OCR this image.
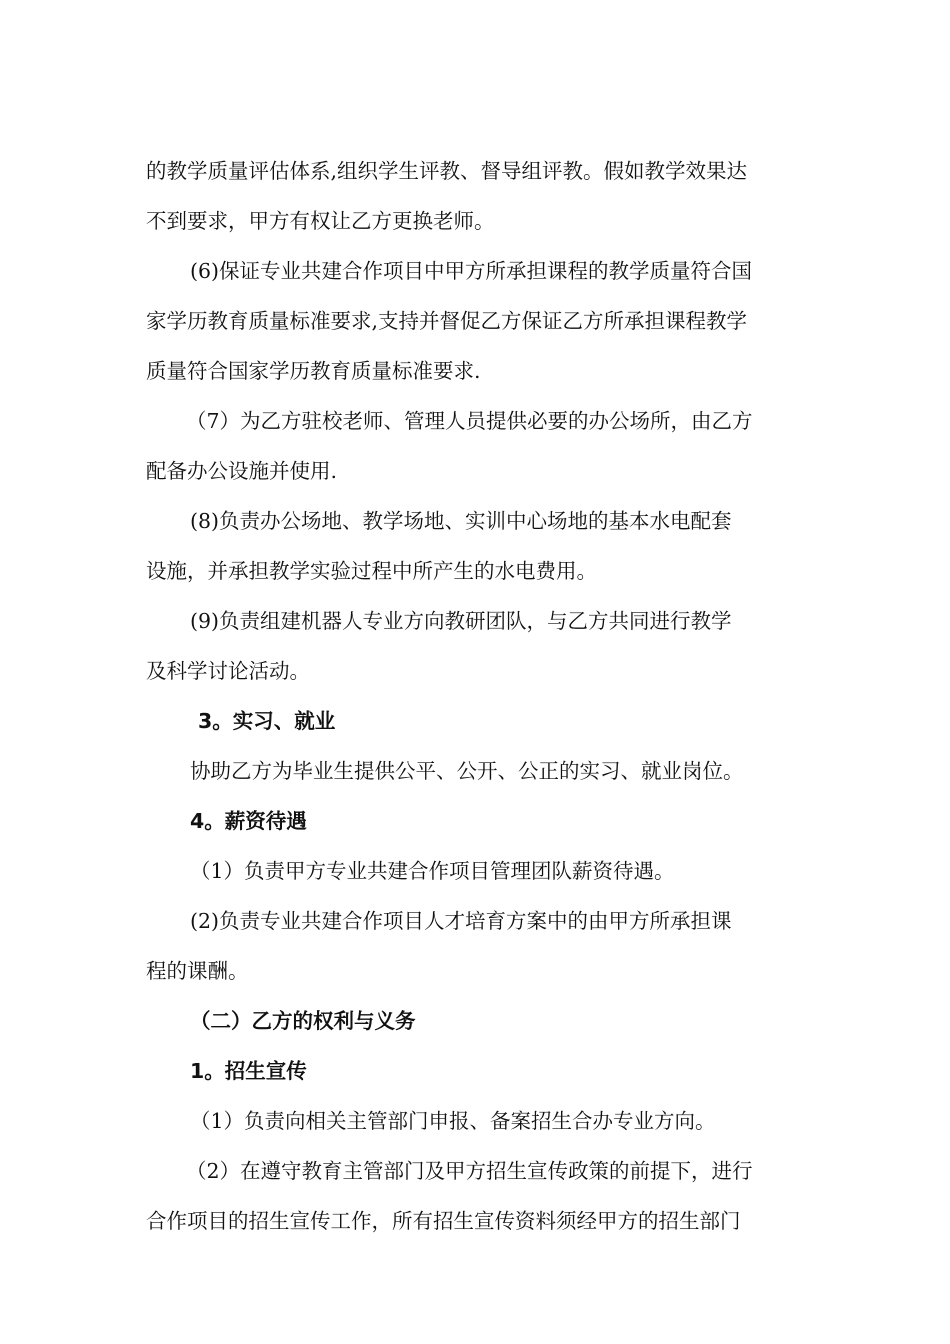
的教学质量评估体系,组织学生评教、督导组评教。假如教学效果达

不到要求，甲方有权让乙方更换老师。

(6)保证专业共建合作项目中甲方所承担课程的教学质量符合国

家学历教育质量标准要求,支持并督促乙方保证乙方所承担课程教学

质量符合国家学历教育质量标准要求.

（7）为乙方驻校老师、管理人员提供必要的办公场所，由乙方

配备办公设施并使用.

(8)负责办公场地、教学场地、实训中心场地的基本水电配套

设施，并承担教学实验过程中所产生的水电费用。

(9)负责组建机器人专业方向教研团队，与乙方共同进行教学

及科学讨论活动。

3。实习、就业

协助乙方为毕业生提供公平、公开、公正的实习、就业岗位。

4。薪资待遇

（1）负责甲方专业共建合作项目管理团队薪资待遇。

(2)负责专业共建合作项目人才培育方案中的由甲方所承担课

程的课酬。

（二）乙方的权利与义务

1。招生宣传

（1）负责向相关主管部门申报、备案招生合办专业方向。

（2）在遵守教育主管部门及甲方招生宣传政策的前提下，进行

合作项目的招生宣传工作，所有招生宣传资料须经甲方的招生部门
